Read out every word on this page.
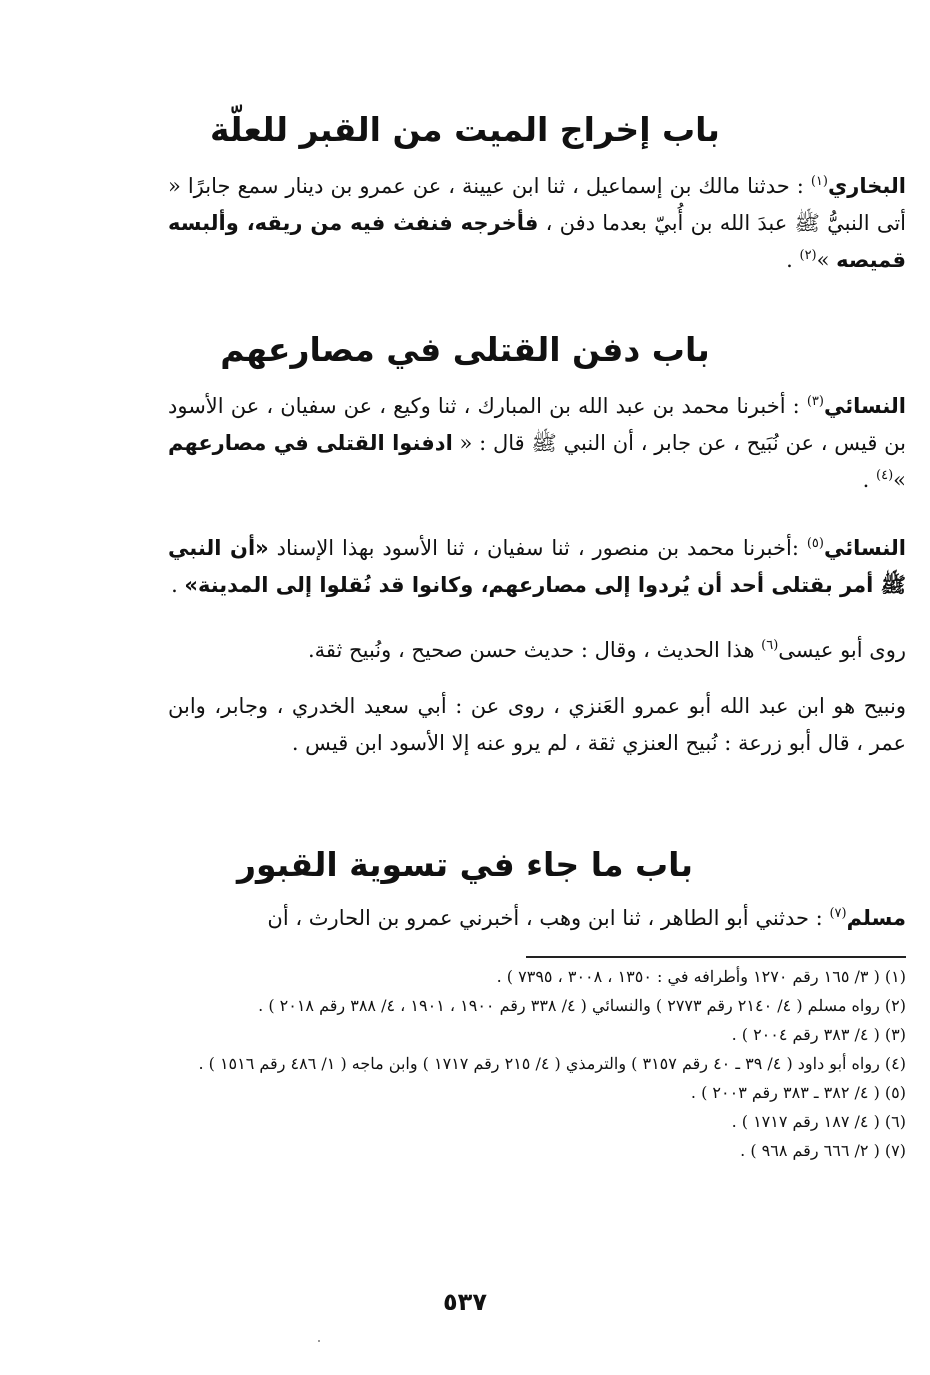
باب إخراج الميت من القبر للعلّة

البخاري$^{(١)}$ : حدثنا مالك بن إسماعيل ، ثنا ابن عيينة ، عن عمرو بن دينار سمع جابرًا « أتى النبيُّ ﷺ عبدَ الله بن أُبيّ بعدما دفن ، فأخرجه فنفث فيه من ريقه، وألبسه قميصه »$^{(٢)}$ .

باب دفن القتلى في مصارعهم

النسائي$^{(٣)}$ : أخبرنا محمد بن عبد الله بن المبارك ، ثنا وكيع ، عن سفيان ، عن الأسود بن قيس ، عن نُبَيح ، عن جابر ، أن النبي ﷺ قال : « ادفنوا القتلى في مصارعهم »$^{(٤)}$ .

النسائي$^{(٥)}$ :أخبرنا محمد بن منصور ، ثنا سفيان ، ثنا الأسود بهذا الإسناد «أن النبي ﷺ أمر بقتلى أحد أن يُردوا إلى مصارعهم، وكانوا قد نُقلوا إلى المدينة» .

روى أبو عيسى$^{(٦)}$ هذا الحديث ، وقال : حديث حسن صحيح ، ونُبيح ثقة.

ونبيح هو ابن عبد الله أبو عمرو العَنزي ، روى عن : أبي سعيد الخدري ، وجابر، وابن عمر ، قال أبو زرعة : نُبيح العنزي ثقة ، لم يرو عنه إلا الأسود ابن قيس .

باب ما جاء في تسوية القبور

مسلم$^{(٧)}$ : حدثني أبو الطاهر ، ثنا ابن وهب ، أخبرني عمرو بن الحارث ، أن

(١) ( ٣/ ١٦٥ رقم ١٢٧٠ وأطرافه في : ١٣٥٠ ، ٣٠٠٨ ، ٧٣٩٥ ) .
(٢) رواه مسلم ( ٤/ ٢١٤٠ رقم ٢٧٧٣ ) والنسائي ( ٤/ ٣٣٨ رقم ١٩٠٠ ، ١٩٠١ ، ٤/ ٣٨٨ رقم ٢٠١٨ ) .
(٣) ( ٤/ ٣٨٣ رقم ٢٠٠٤ ) .
(٤) رواه أبو داود ( ٤/ ٣٩ ـ ٤٠ رقم ٣١٥٧ ) والترمذي ( ٤/ ٢١٥ رقم ١٧١٧ ) وابن ماجه ( ١/ ٤٨٦ رقم ١٥١٦ ) .
(٥) ( ٤/ ٣٨٢ ـ ٣٨٣ رقم ٢٠٠٣ ) .
(٦) ( ٤/ ١٨٧ رقم ١٧١٧ ) .
(٧) ( ٢/ ٦٦٦ رقم ٩٦٨ ) .
٥٣٧
